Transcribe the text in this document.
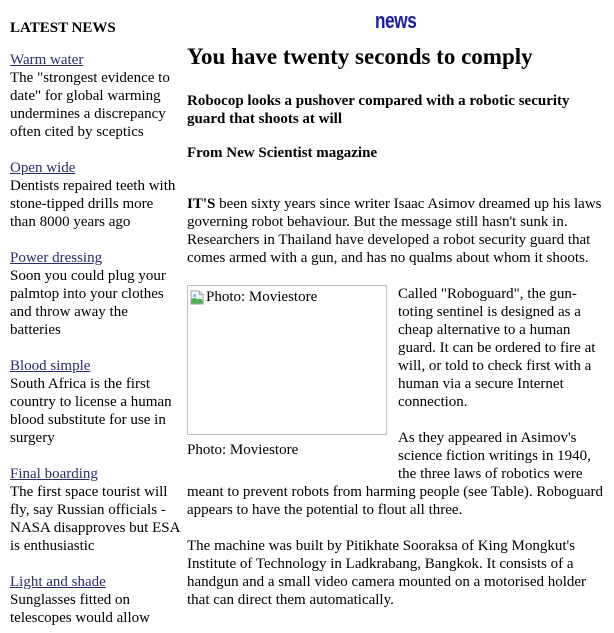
news
LATEST NEWS
Warm water
The "strongest evidence to date" for global warming undermines a discrepancy often cited by sceptics
Open wide
Dentists repaired teeth with stone-tipped drills more than 8000 years ago
Power dressing
Soon you could plug your palmtop into your clothes and throw away the batteries
Blood simple
South Africa is the first country to license a human blood substitute for use in surgery
Final boarding
The first space tourist will fly, say Russian officials - NASA disapproves but ESA is enthusiastic
Light and shade
Sunglasses fitted on telescopes would allow
You have twenty seconds to comply

Robocop looks a pushover compared with a robotic security guard that shoots at will

From New Scientist magazine

IT'S been sixty years since writer Isaac Asimov dreamed up his laws governing robot behaviour. But the message still hasn't sunk in. Researchers in Thailand have developed a robot security guard that comes armed with a gun, and has no qualms about whom it shoots.

Photo: Moviestore
Photo: Moviestore

Called "Roboguard", the gun-toting sentinel is designed as a cheap alternative to a human guard. It can be ordered to fire at will, or told to check first with a human via a secure Internet connection.

As they appeared in Asimov's science fiction writings in 1940, the three laws of robotics were meant to prevent robots from harming people (see Table). Roboguard appears to have the potential to flout all three.

The machine was built by Pitikhate Sooraksa of King Mongkut's Institute of Technology in Ladkrabang, Bangkok. It consists of a handgun and a small video camera mounted on a motorised holder that can direct them automatically.
